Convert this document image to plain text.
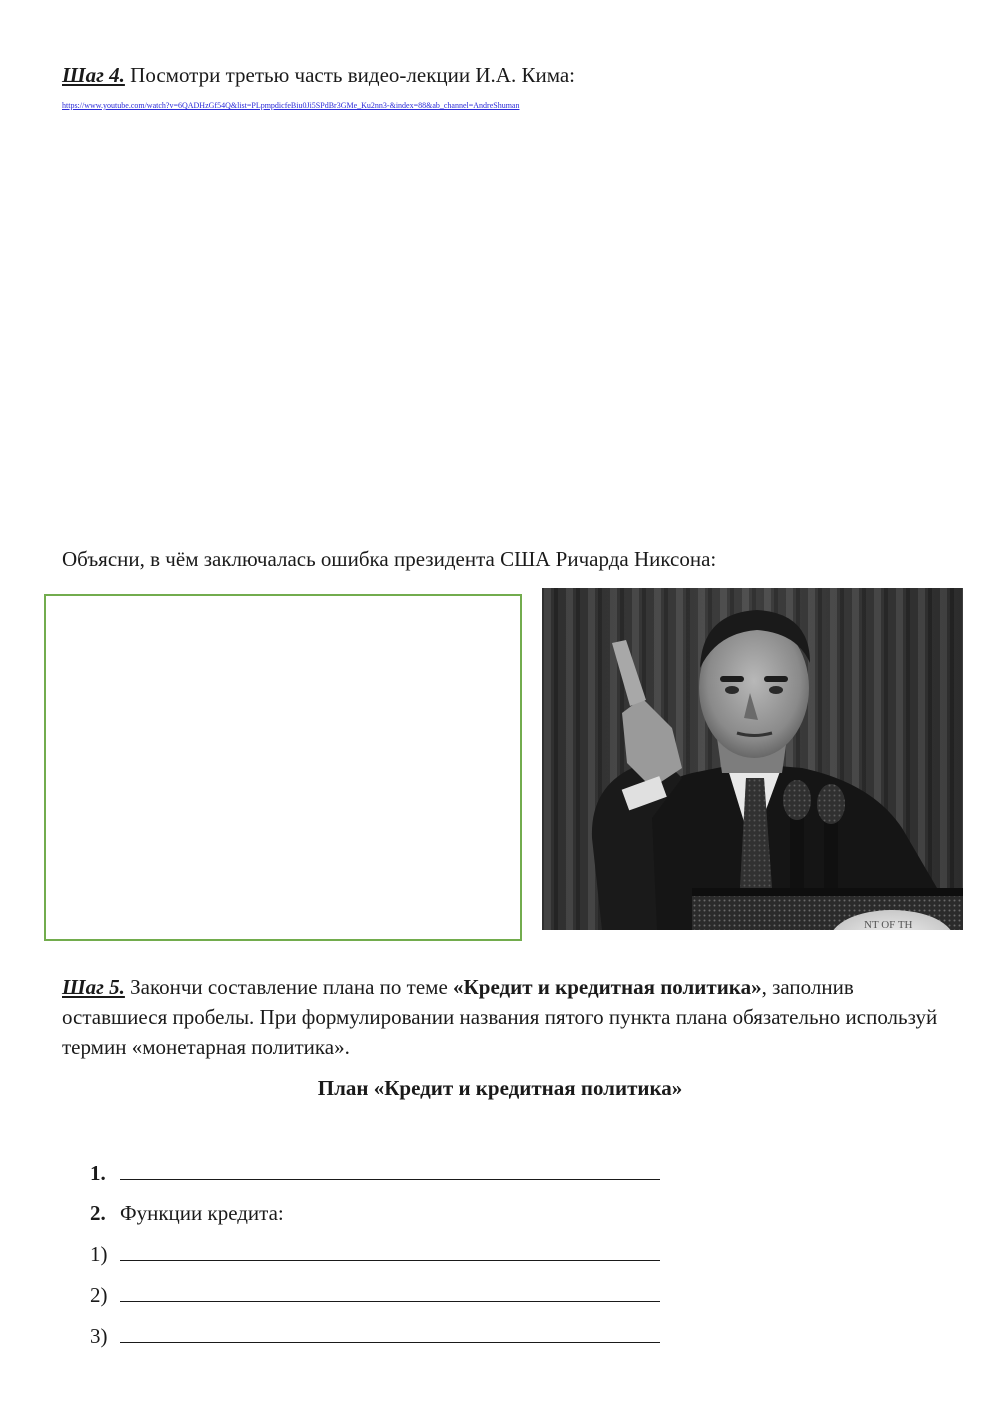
Шаг 4. Посмотри третью часть видео-лекции И.А. Кима:
https://www.youtube.com/watch?v=6QADHzGf54Q&list=PLpmpdicfeBiu0Ji5SPdBr3GMe_Ku2nn3-&index=88&ab_channel=AndreShuman
Объясни, в чём заключалась ошибка президента США Ричарда Никсона:
NT OF TH
Шаг 5. Закончи составление плана по теме «Кредит и кредитная политика», заполнив оставшиеся пробелы. При формулировании названия пятого пункта плана обязательно используй термин «монетарная политика».
План «Кредит и кредитная политика»
1.
2. Функции кредита:
1)
2)
3)
